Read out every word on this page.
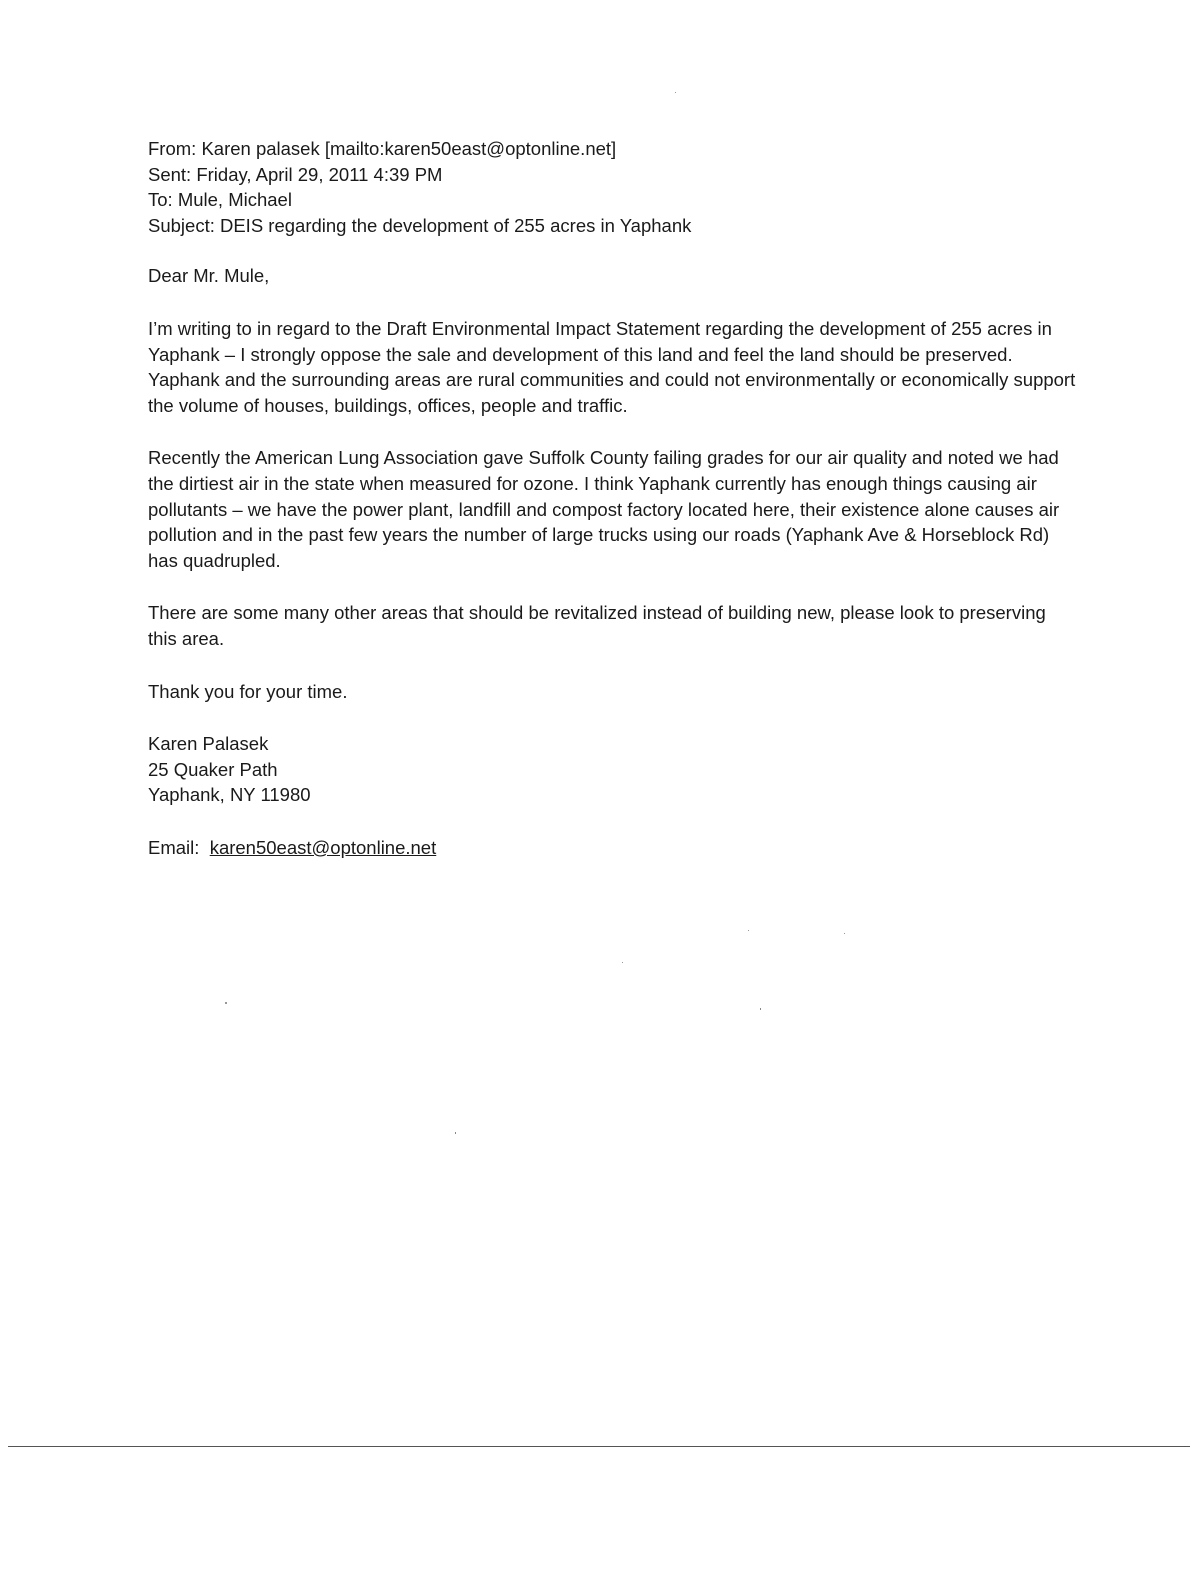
From: Karen palasek [mailto:karen50east@optonline.net]

Sent: Friday, April 29, 2011 4:39 PM

To: Mule, Michael

Subject: DEIS regarding the development of 255 acres in Yaphank

Dear Mr. Mule,

I’m writing to in regard to the Draft Environmental Impact Statement regarding the development of 255 acres in Yaphank – I strongly oppose the sale and development of this land and feel the land should be preserved. Yaphank and the surrounding areas are rural communities and could not environmentally or economically support the volume of houses, buildings, offices, people and traffic.

Recently the American Lung Association gave Suffolk County failing grades for our air quality and noted we had the dirtiest air in the state when measured for ozone. I think Yaphank currently has enough things causing air pollutants – we have the power plant, landfill and compost factory located here, their existence alone causes air pollution and in the past few years the number of large trucks using our roads (Yaphank Ave & Horseblock Rd) has quadrupled.

There are some many other areas that should be revitalized instead of building new, please look to preserving this area.

Thank you for your time.

Karen Palasek

25 Quaker Path

Yaphank, NY 11980

Email: karen50east@optonline.net
